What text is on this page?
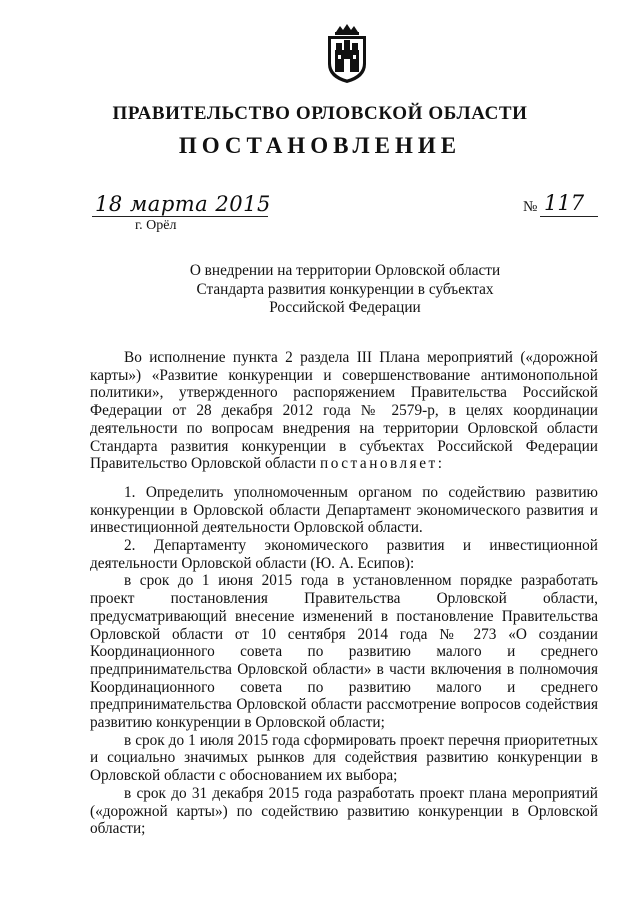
ПРАВИТЕЛЬСТВО ОРЛОВСКОЙ ОБЛАСТИ
ПОСТАНОВЛЕНИЕ
18 марта 2015
г. Орёл
№ 117
О внедрении на территории Орловской области
Стандарта развития конкуренции в субъектах
Российской Федерации

Во исполнение пункта 2 раздела III Плана мероприятий («дорожной карты») «Развитие конкуренции и совершенствование антимонопольной политики», утвержденного распоряжением Правительства Российской Федерации от 28 декабря 2012 года № 2579-р, в целях координации деятельности по вопросам внедрения на территории Орловской области Стандарта развития конкуренции в субъектах Российской Федерации Правительство Орловской области постановляет:

1. Определить уполномоченным органом по содействию развитию конкуренции в Орловской области Департамент экономического развития и инвестиционной деятельности Орловской области.

2. Департаменту экономического развития и инвестиционной деятельности Орловской области (Ю. А. Есипов):

в срок до 1 июня 2015 года в установленном порядке разработать проект постановления Правительства Орловской области, предусматривающий внесение изменений в постановление Правительства Орловской области от 10 сентября 2014 года № 273 «О создании Координационного совета по развитию малого и среднего предпринимательства Орловской области» в части включения в полномочия Координационного совета по развитию малого и среднего предпринимательства Орловской области рассмотрение вопросов содействия развитию конкуренции в Орловской области;

в срок до 1 июля 2015 года сформировать проект перечня приоритетных и социально значимых рынков для содействия развитию конкуренции в Орловской области с обоснованием их выбора;

в срок до 31 декабря 2015 года разработать проект плана мероприятий («дорожной карты») по содействию развитию конкуренции в Орловской области;
